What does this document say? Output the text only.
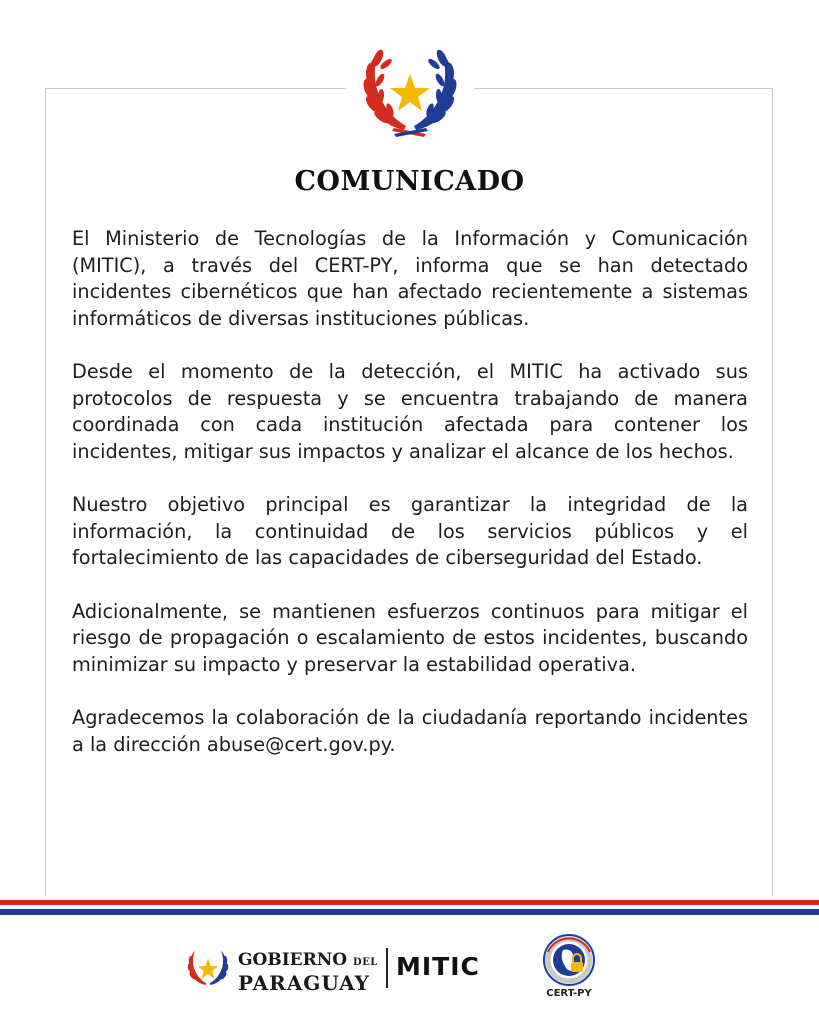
COMUNICADO

El Ministerio de Tecnologías de la Información y Comunicación (MITIC), a través del CERT-PY, informa que se han detectado incidentes cibernéticos que han afectado recientemente a sistemas informáticos de diversas instituciones públicas.

Desde el momento de la detección, el MITIC ha activado sus protocolos de respuesta y se encuentra trabajando de manera coordinada con cada institución afectada para contener los incidentes, mitigar sus impactos y analizar el alcance de los hechos.

Nuestro objetivo principal es garantizar la integridad de la información, la continuidad de los servicios públicos y el fortalecimiento de las capacidades de ciberseguridad del Estado.

Adicionalmente, se mantienen esfuerzos continuos para mitigar el riesgo de propagación o escalamiento de estos incidentes, buscando minimizar su impacto y preservar la estabilidad operativa.

Agradecemos la colaboración de la ciudadanía reportando incidentes a la dirección abuse@cert.gov.py.

GOBIERNO DEL
PARAGUAY
MITIC
CERT-PY
